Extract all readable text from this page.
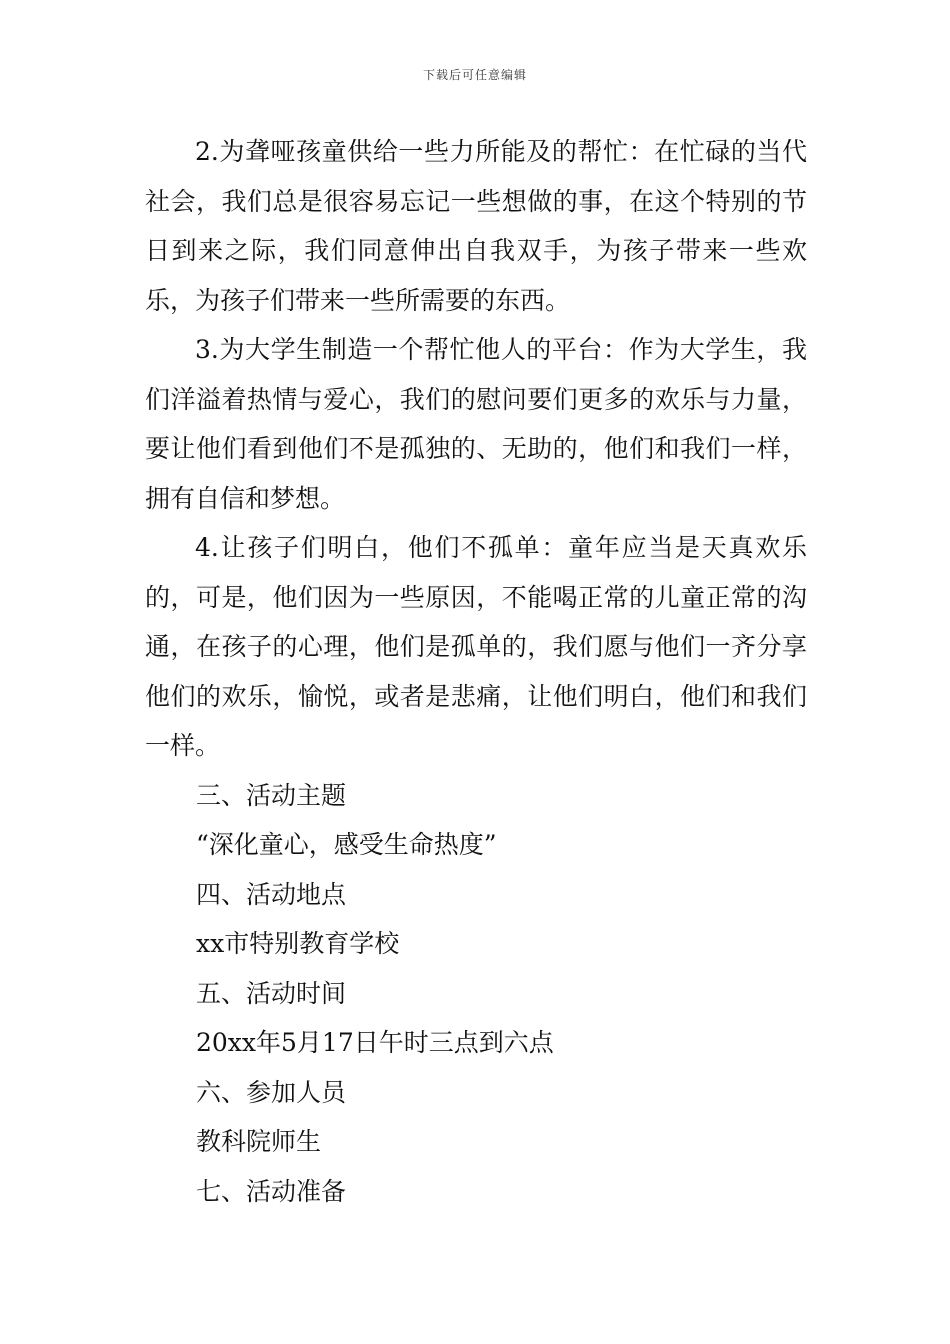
下载后可任意编辑

2.为聋哑孩童供给一些力所能及的帮忙：在忙碌的当代社会，我们总是很容易忘记一些想做的事，在这个特别的节日到来之际，我们同意伸出自我双手，为孩子带来一些欢乐，为孩子们带来一些所需要的东西。

3.为大学生制造一个帮忙他人的平台：作为大学生，我们洋溢着热情与爱心，我们的慰问要们更多的欢乐与力量，要让他们看到他们不是孤独的、无助的，他们和我们一样，拥有自信和梦想。

4.让孩子们明白，他们不孤单：童年应当是天真欢乐的，可是，他们因为一些原因，不能喝正常的儿童正常的沟通，在孩子的心理，他们是孤单的，我们愿与他们一齐分享他们的欢乐，愉悦，或者是悲痛，让他们明白，他们和我们一样。

三、活动主题

“深化童心，感受生命热度”

四、活动地点

xx市特别教育学校

五、活动时间

20xx年5月17日午时三点到六点

六、参加人员

教科院师生

七、活动准备
